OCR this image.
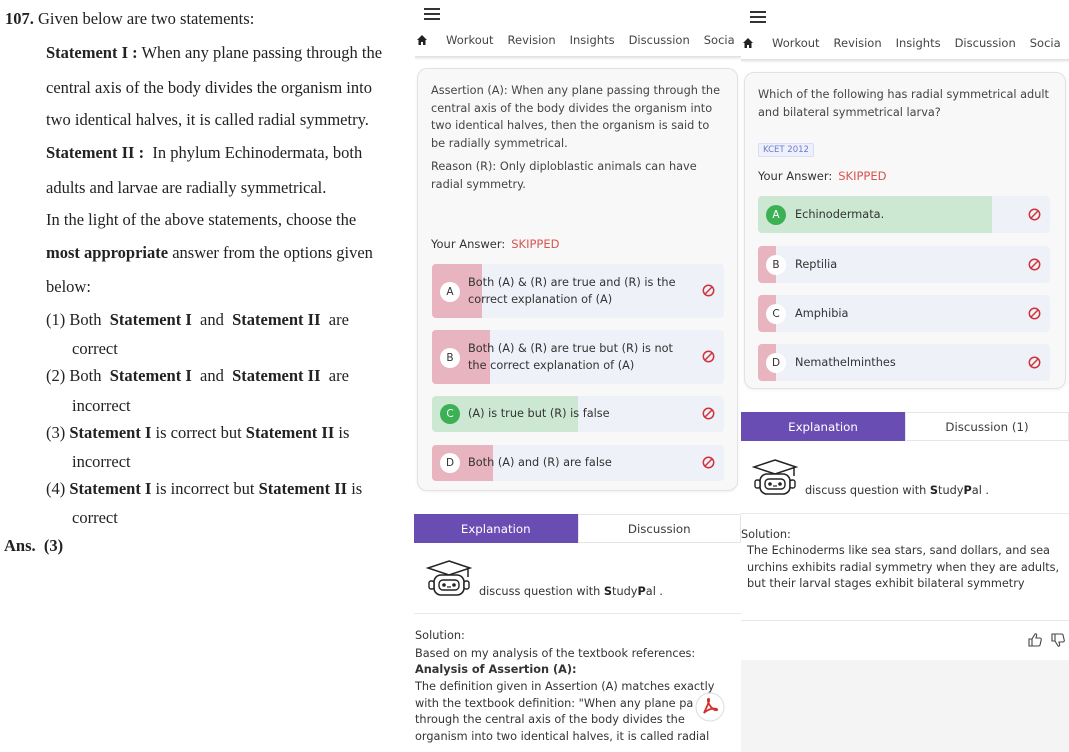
107. Given below are two statements:
Statement I : When any plane passing through the
central axis of the body divides the organism into
two identical halves, it is called radial symmetry.
Statement II : In phylum Echinodermata, both
adults and larvae are radially symmetrical.
In the light of the above statements, choose the
most appropriate answer from the options given
below:
(1) Both Statement I and Statement II are
correct
(2) Both Statement I and Statement II are
incorrect
(3) Statement I is correct but Statement II is
incorrect
(4) Statement I is incorrect but Statement II is
correct
Ans. (3)
Workout Revision Insights Discussion Socia
Assertion (A): When any plane passing through the central axis of the body divides the organism into two identical halves, then the organism is said to be radially symmetrical.
Reason (R): Only diploblastic animals can have radial symmetry.
Your Answer: SKIPPED
A
Both (A) & (R) are true and (R) is the correct explanation of (A)
B
Both (A) & (R) are true but (R) is not the correct explanation of (A)
C	(A) is true but (R) is false
D	Both (A) and (R) are false
Explanation	Discussion
discuss question with StudyPal .
Solution:
Based on my analysis of the textbook references:
Analysis of Assertion (A):
The definition given in Assertion (A) matches exactly with the textbook definition: "When any plane pa
through the central axis of the body divides the organism into two identical halves, it is called radial
Workout Revision Insights Discussion Socia
Which of the following has radial symmetrical adult and bilateral symmetrical larva?
KCET 2012
Your Answer: SKIPPED
A	Echinodermata.
B	Reptilia
C	Amphibia
D	Nemathelminthes
Explanation	Discussion (1)
discuss question with StudyPal .
Solution:
The Echinoderms like sea stars, sand dollars, and sea urchins exhibits radial symmetry when they are adults, but their larval stages exhibit bilateral symmetry
